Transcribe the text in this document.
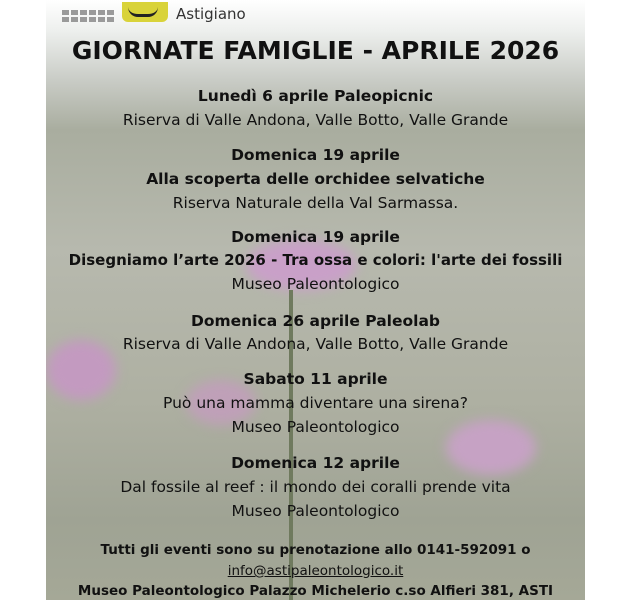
Astigiano
GIORNATE FAMIGLIE - APRILE 2026
Lunedì 6 aprile Paleopicnic
Riserva di Valle Andona, Valle Botto, Valle Grande
Domenica 19 aprile
Alla scoperta delle orchidee selvatiche
Riserva Naturale della Val Sarmassa.
Domenica 19 aprile
Disegniamo l’arte 2026 - Tra ossa e colori: l'arte dei fossili
Museo Paleontologico
Domenica 26 aprile Paleolab
Riserva di Valle Andona, Valle Botto, Valle Grande
Sabato 11 aprile
Può una mamma diventare una sirena?
Museo Paleontologico
Domenica 12 aprile
Dal fossile al reef : il mondo dei coralli prende vita
Museo Paleontologico
Tutti gli eventi sono su prenotazione allo 0141-592091 o
info@astipaleontologico.it
Museo Paleontologico Palazzo Michelerio c.so Alfieri 381, ASTI
